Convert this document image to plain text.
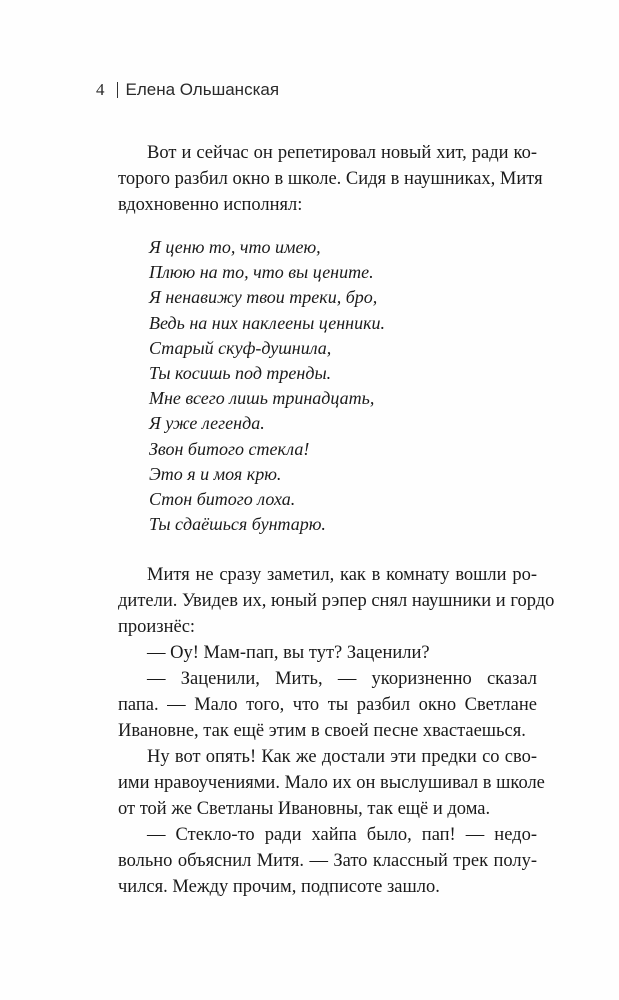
4 Елена Ольшанская
Вот и сейчас он репетировал новый хит, ради ко-
торого разбил окно в школе. Сидя в наушниках, Митя
вдохновенно исполнял:
Я ценю то, что имею,
Плюю на то, что вы цените.
Я ненавижу твои треки, бро,
Ведь на них наклеены ценники.
Старый скуф-душнила,
Ты косишь под тренды.
Мне всего лишь тринадцать,
Я уже легенда.
Звон битого стекла!
Это я и моя крю.
Стон битого лоха.
Ты сдаёшься бунтарю.
Митя не сразу заметил, как в комнату вошли ро-
дители. Увидев их, юный рэпер снял наушники и гордо
произнёс:
— Оу! Мам-пап, вы тут? Заценили?
— Заценили, Мить, — укоризненно сказал
папа. — Мало того, что ты разбил окно Светлане
Ивановне, так ещё этим в своей песне хвастаешься.
Ну вот опять! Как же достали эти предки со сво-
ими нравоучениями. Мало их он выслушивал в школе
от той же Светланы Ивановны, так ещё и дома.
— Стекло-то ради хайпа было, пап! — недо-
вольно объяснил Митя. — Зато классный трек полу-
чился. Между прочим, подписоте зашло.
